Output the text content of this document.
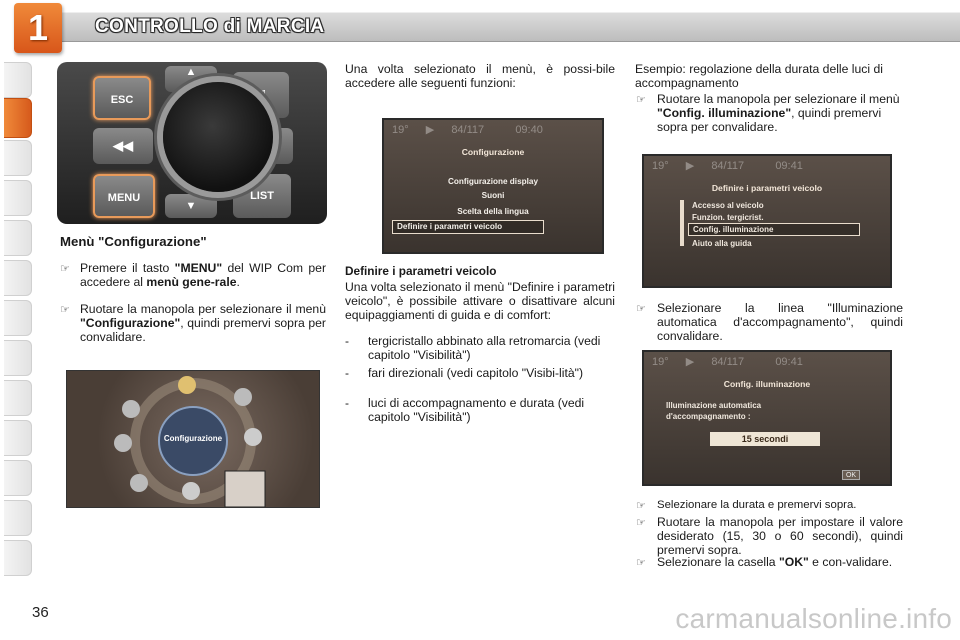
1	CONTROLLO di MARCIA
ESC
▲
♫
◀◀
MENU
▼
LIST
Menù "Configurazione"
☞ Premere il tasto "MENU" del WIP Com per accedere al menù gene-rale.
☞ Ruotare la manopola per selezionare il menù "Configurazione", quindi premervi sopra per convalidare.
Configurazione
Una volta selezionato il menù, è possi-bile accedere alle seguenti funzioni:
19°   ▶   84/117     09:40
Configurazione
Configurazione display
Suoni
Scelta della lingua
Definire i parametri veicolo
Definire i parametri veicolo
Una volta selezionato il menù "Definire i parametri veicolo", è possibile attivare o disattivare alcuni equipaggiamenti di guida e di comfort:
- tergicristallo abbinato alla retromarcia (vedi capitolo "Visibilità")
- fari direzionali (vedi capitolo "Visibi-lità")
- luci di accompagnamento e durata (vedi capitolo "Visibilità")
Esempio: regolazione della durata delle luci di accompagnamento
☞ Ruotare la manopola per selezionare il menù "Config. illuminazione", quindi premervi sopra per convalidare.
19°   ▶   84/117     09:41
Definire i parametri veicolo
Accesso al veicolo
Funzion. tergicrist.
Config. illuminazione
Aiuto alla guida
☞ Selezionare la linea "Illuminazione automatica d'accompagnamento", quindi convalidare.
19°   ▶   84/117     09:41
Config. illuminazione
Illuminazione automatica d'accompagnamento :
15 secondi
OK
☞ Selezionare la durata e premervi sopra.
☞ Ruotare la manopola per impostare il valore desiderato (15, 30 o 60 secondi), quindi premervi sopra.
☞ Selezionare la casella "OK" e con-validare.
36	carmanualsonline.info
